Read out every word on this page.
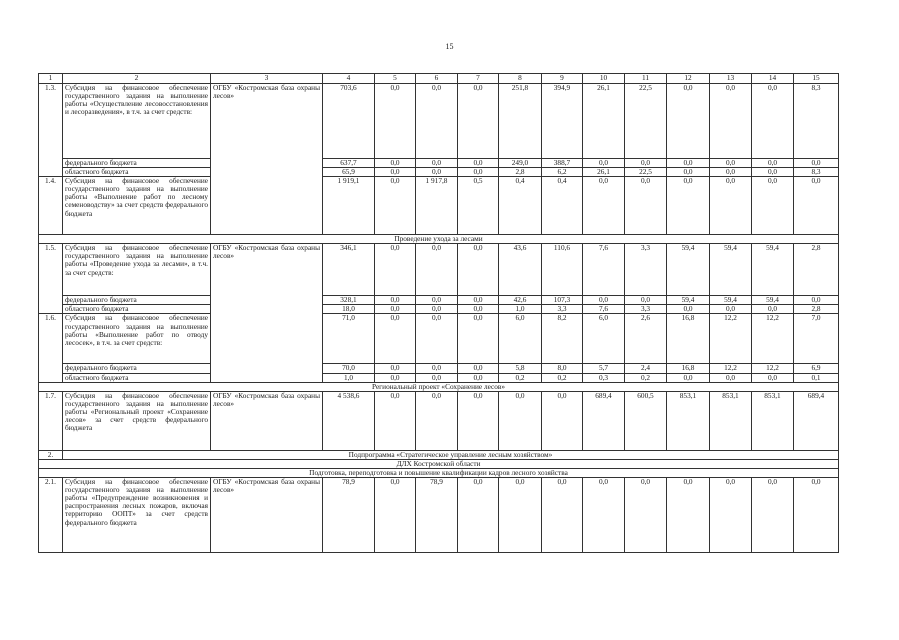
15
1	2	3	4	5	6	7	8	9	10	11	12	13	14	15
1.3.	Субсидия на финансовое обеспечение государственного задания на выполнение работы «Осуществление лесовосстановления и лесоразведения», в т.ч. за счет средств:	ОГБУ «Костромская база охраны лесов»	703,6	0,0	0,0	0,0	251,8	394,9	26,1	22,5	0,0	0,0	0,0	8,3
	федерального бюджета		637,7	0,0	0,0	0,0	249,0	388,7	0,0	0,0	0,0	0,0	0,0	0,0
	областного бюджета		65,9	0,0	0,0	0,0	2,8	6,2	26,1	22,5	0,0	0,0	0,0	8,3
1.4.	Субсидия на финансовое обеспечение государственного задания на выполнение работы «Выполнение работ по лесному семеноводству» за счет средств федерального бюджета		1 919,1	0,0	1 917,8	0,5	0,4	0,4	0,0	0,0	0,0	0,0	0,0	0,0
Проведение ухода за лесами														
1.5.	Субсидия на финансовое обеспечение государственного задания на выполнение работы «Проведение ухода за лесами», в т.ч. за счет средств:	ОГБУ «Костромская база охраны лесов»	346,1	0,0	0,0	0,0	43,6	110,6	7,6	3,3	59,4	59,4	59,4	2,8
	федерального бюджета		328,1	0,0	0,0	0,0	42,6	107,3	0,0	0,0	59,4	59,4	59,4	0,0
	областного бюджета		18,0	0,0	0,0	0,0	1,0	3,3	7,6	3,3	0,0	0,0	0,0	2,8
1.6.	Субсидия на финансовое обеспечение государственного задания на выполнение работы «Выполнение работ по отводу лесосек», в т.ч. за счет средств:		71,0	0,0	0,0	0,0	6,0	8,2	6,0	2,6	16,8	12,2	12,2	7,0
	федерального бюджета		70,0	0,0	0,0	0,0	5,8	8,0	5,7	2,4	16,8	12,2	12,2	6,9
	областного бюджета		1,0	0,0	0,0	0,0	0,2	0,2	0,3	0,2	0,0	0,0	0,0	0,1
Региональный проект «Сохранение лесов»														
1.7.	Субсидия на финансовое обеспечение государственного задания на выполнение работы «Региональный проект «Сохранение лесов» за счет средств федерального бюджета	ОГБУ «Костромская база охраны лесов»	4 538,6	0,0	0,0	0,0	0,0	0,0	689,4	600,5	853,1	853,1	853,1	689,4
2.	Подпрограмма «Стратегическое управление лесным хозяйством»													
ДЛХ Костромской области														
Подготовка, переподготовка и повышение квалификации кадров лесного хозяйства														
2.1.	Субсидия на финансовое обеспечение государственного задания на выполнение работы «Предупреждение возникновения и распространения лесных пожаров, включая территорию ООПТ» за счет средств федерального бюджета	ОГБУ «Костромская база охраны лесов»	78,9	0,0	78,9	0,0	0,0	0,0	0,0	0,0	0,0	0,0	0,0	0,0
